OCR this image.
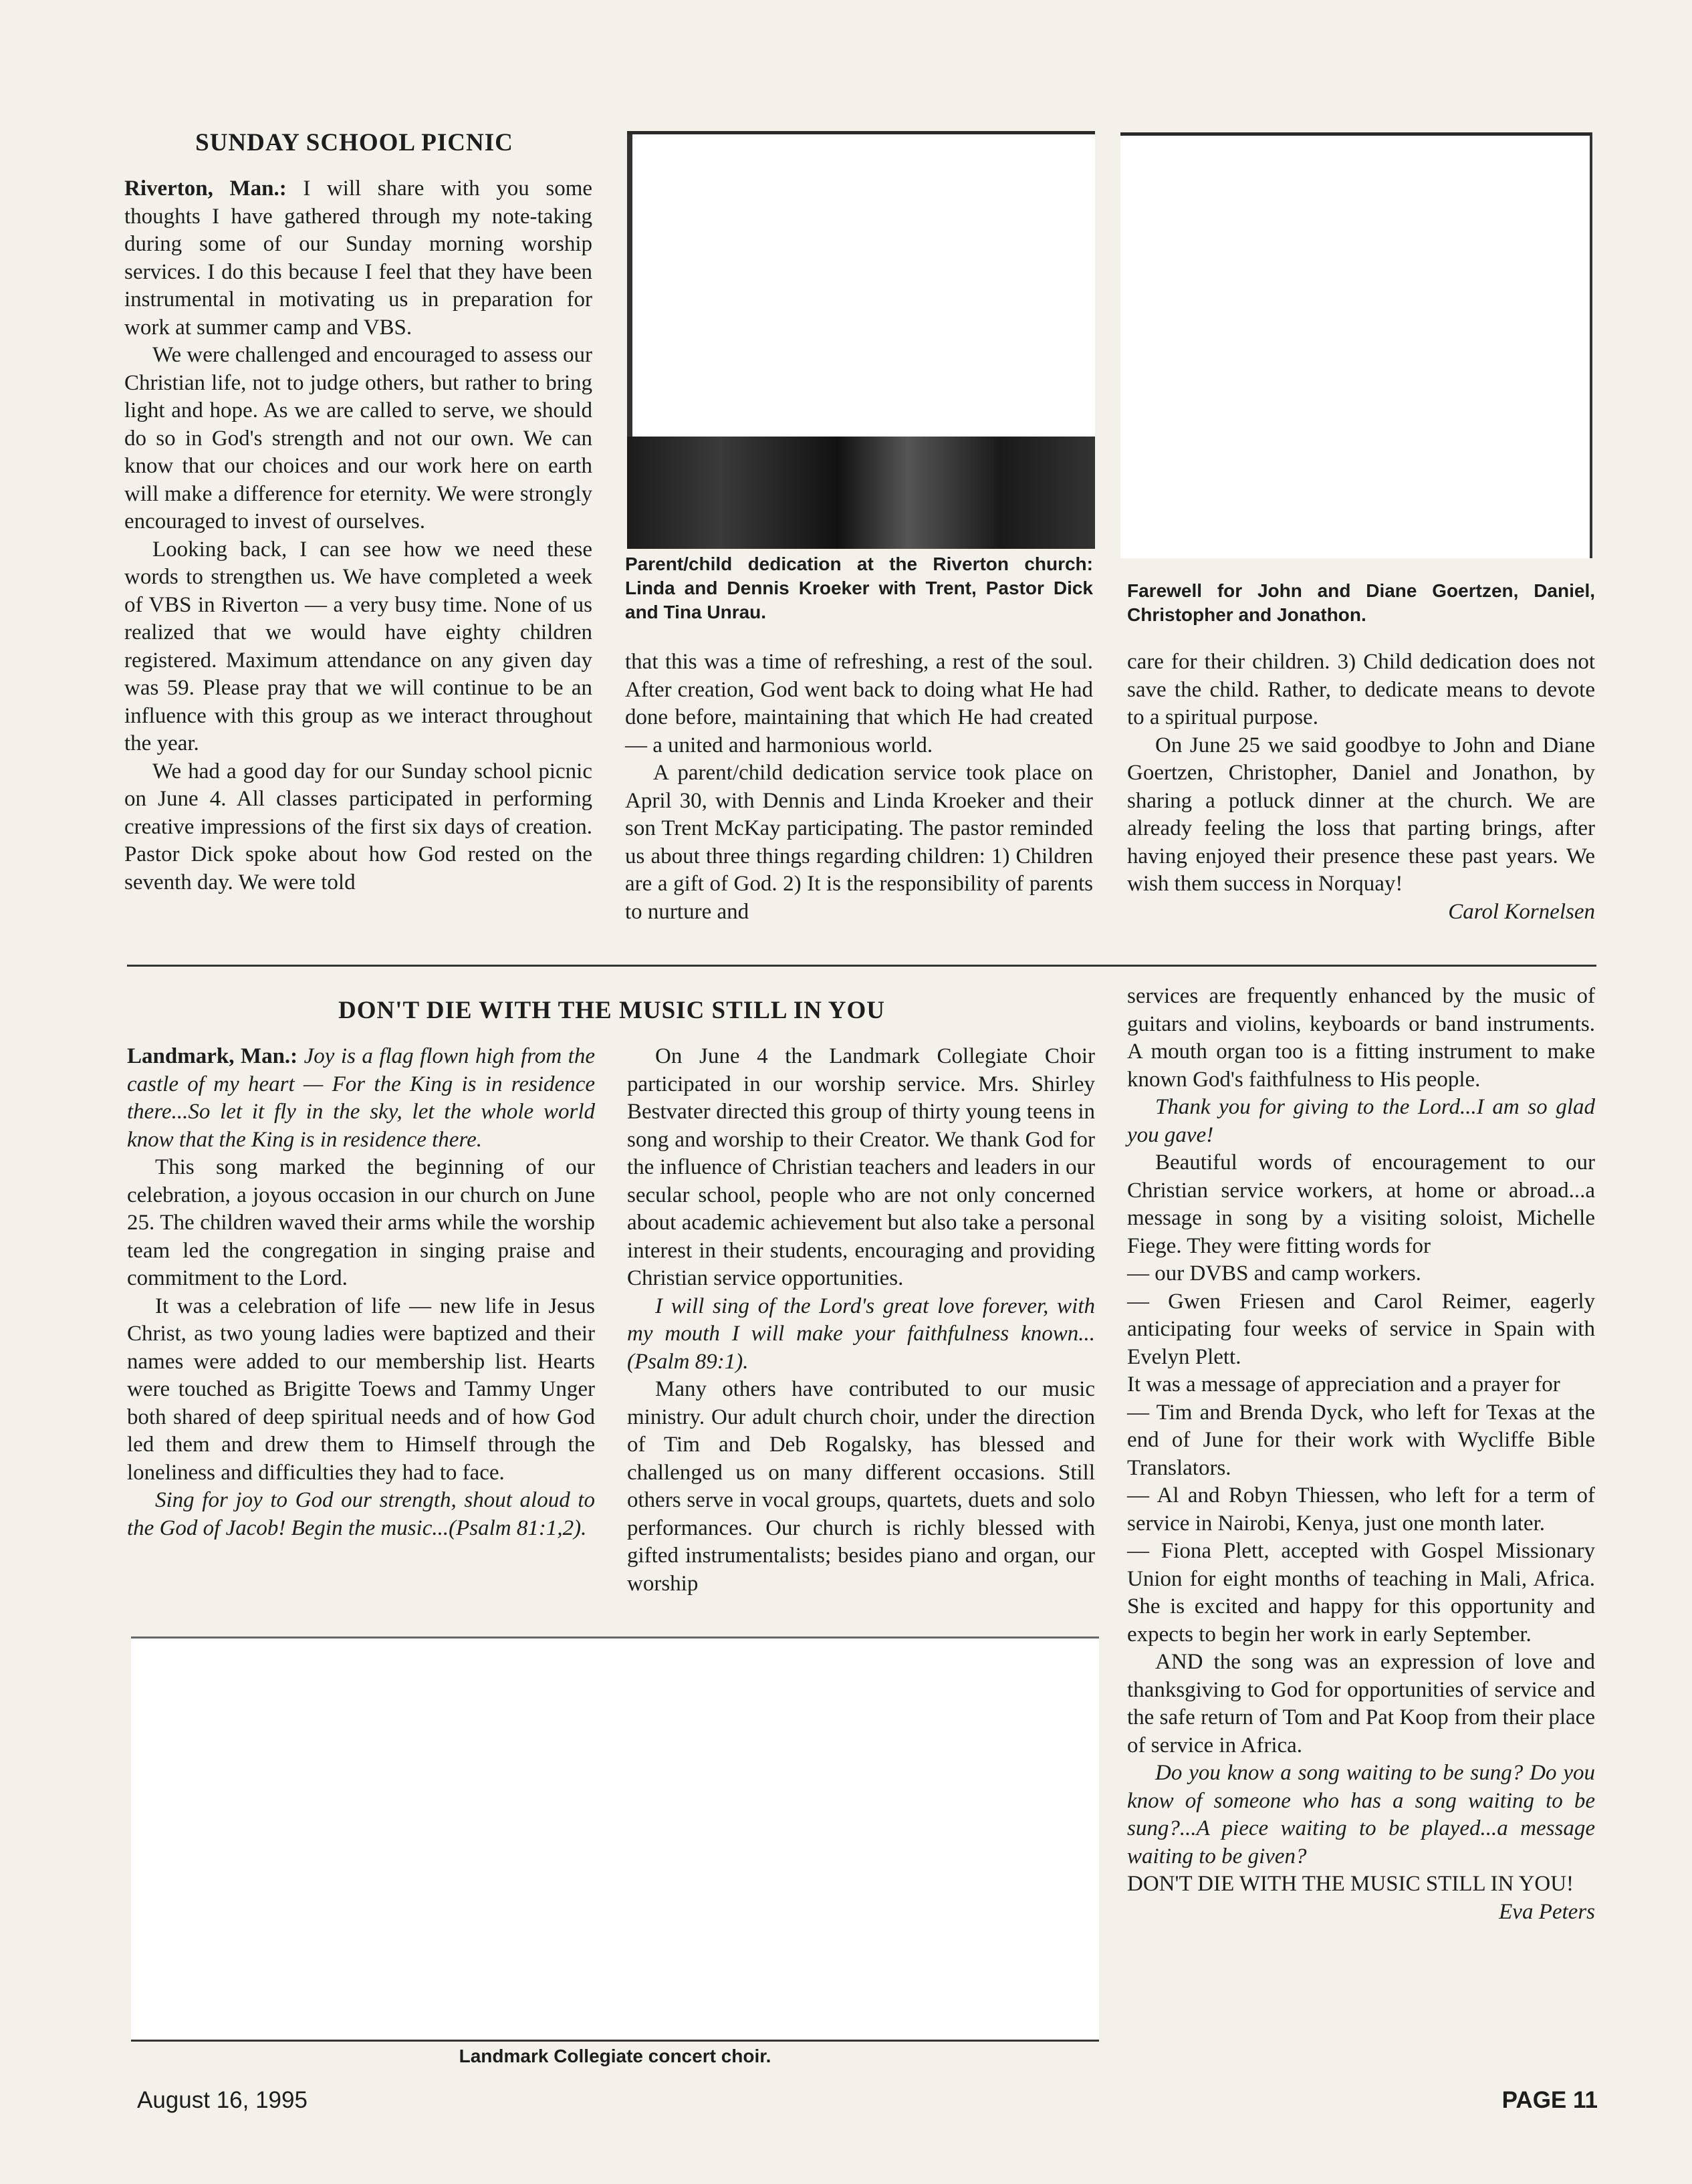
SUNDAY SCHOOL PICNIC

Riverton, Man.: I will share with you some thoughts I have gathered through my note-taking during some of our Sunday morning worship services. I do this because I feel that they have been instrumental in motivating us in preparation for work at summer camp and VBS.

We were challenged and encouraged to assess our Christian life, not to judge others, but rather to bring light and hope. As we are called to serve, we should do so in God's strength and not our own. We can know that our choices and our work here on earth will make a difference for eternity. We were strongly encouraged to invest of ourselves.

Looking back, I can see how we need these words to strengthen us. We have completed a week of VBS in Riverton — a very busy time. None of us realized that we would have eighty children registered. Maximum attendance on any given day was 59. Please pray that we will continue to be an influence with this group as we interact throughout the year.

We had a good day for our Sunday school picnic on June 4. All classes participated in performing creative impressions of the first six days of creation. Pastor Dick spoke about how God rested on the seventh day. We were told

Parent/child dedication at the Riverton church: Linda and Dennis Kroeker with Trent, Pastor Dick and Tina Unrau.
Farewell for John and Diane Goertzen, Daniel, Christopher and Jonathon.

that this was a time of refreshing, a rest of the soul. After creation, God went back to doing what He had done before, maintaining that which He had created — a united and harmonious world.

A parent/child dedication service took place on April 30, with Dennis and Linda Kroeker and their son Trent McKay participating. The pastor reminded us about three things regarding children: 1) Children are a gift of God. 2) It is the responsibility of parents to nurture and

care for their children. 3) Child dedication does not save the child. Rather, to dedicate means to devote to a spiritual purpose.

On June 25 we said goodbye to John and Diane Goertzen, Christopher, Daniel and Jonathon, by sharing a potluck dinner at the church. We are already feeling the loss that parting brings, after having enjoyed their presence these past years. We wish them success in Norquay!

Carol Kornelsen
DON'T DIE WITH THE MUSIC STILL IN YOU

Landmark, Man.: Joy is a flag flown high from the castle of my heart — For the King is in residence there...So let it fly in the sky, let the whole world know that the King is in residence there.

This song marked the beginning of our celebration, a joyous occasion in our church on June 25. The children waved their arms while the worship team led the congregation in singing praise and commitment to the Lord.

It was a celebration of life — new life in Jesus Christ, as two young ladies were baptized and their names were added to our membership list. Hearts were touched as Brigitte Toews and Tammy Unger both shared of deep spiritual needs and of how God led them and drew them to Himself through the loneliness and difficulties they had to face.

Sing for joy to God our strength, shout aloud to the God of Jacob! Begin the music...(Psalm 81:1,2).

On June 4 the Landmark Collegiate Choir participated in our worship service. Mrs. Shirley Bestvater directed this group of thirty young teens in song and worship to their Creator. We thank God for the influence of Christian teachers and leaders in our secular school, people who are not only concerned about academic achievement but also take a personal interest in their students, encouraging and providing Christian service opportunities.

I will sing of the Lord's great love forever, with my mouth I will make your faithfulness known...(Psalm 89:1).

Many others have contributed to our music ministry. Our adult church choir, under the direction of Tim and Deb Rogalsky, has blessed and challenged us on many different occasions. Still others serve in vocal groups, quartets, duets and solo performances. Our church is richly blessed with gifted instrumentalists; besides piano and organ, our worship

services are frequently enhanced by the music of guitars and violins, keyboards or band instruments. A mouth organ too is a fitting instrument to make known God's faithfulness to His people.

Thank you for giving to the Lord...I am so glad you gave!

Beautiful words of encouragement to our Christian service workers, at home or abroad...a message in song by a visiting soloist, Michelle Fiege. They were fitting words for

— our DVBS and camp workers.

— Gwen Friesen and Carol Reimer, eagerly anticipating four weeks of service in Spain with Evelyn Plett.

It was a message of appreciation and a prayer for

— Tim and Brenda Dyck, who left for Texas at the end of June for their work with Wycliffe Bible Translators.

— Al and Robyn Thiessen, who left for a term of service in Nairobi, Kenya, just one month later.

— Fiona Plett, accepted with Gospel Missionary Union for eight months of teaching in Mali, Africa. She is excited and happy for this opportunity and expects to begin her work in early September.

AND the song was an expression of love and thanksgiving to God for opportunities of service and the safe return of Tom and Pat Koop from their place of service in Africa.

Do you know a song waiting to be sung? Do you know of someone who has a song waiting to be sung?...A piece waiting to be played...a message waiting to be given?

DON'T DIE WITH THE MUSIC STILL IN YOU!

Eva Peters
Landmark Collegiate concert choir.
August 16, 1995	PAGE 11
